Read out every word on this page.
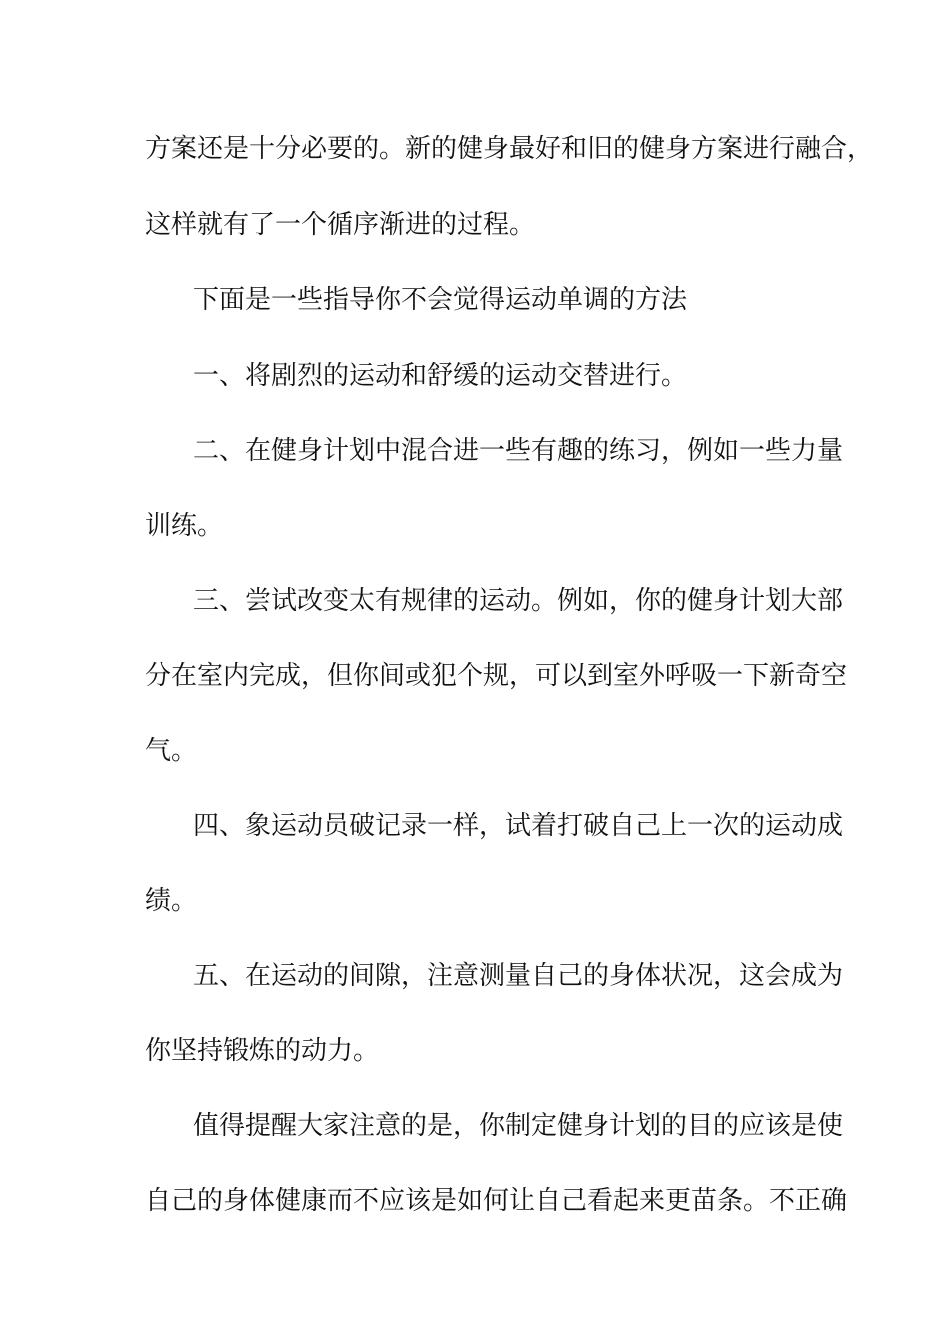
方案还是十分必要的。新的健身最好和旧的健身方案进行融合，
这样就有了一个循序渐进的过程。
下面是一些指导你不会觉得运动单调的方法
一、将剧烈的运动和舒缓的运动交替进行。
二、在健身计划中混合进一些有趣的练习，例如一些力量
训练。
三、尝试改变太有规律的运动。例如，你的健身计划大部
分在室内完成，但你间或犯个规，可以到室外呼吸一下新奇空
气。
四、象运动员破记录一样，试着打破自己上一次的运动成
绩。
五、在运动的间隙，注意测量自己的身体状况，这会成为
你坚持锻炼的动力。
值得提醒大家注意的是，你制定健身计划的目的应该是使
自己的身体健康而不应该是如何让自己看起来更苗条。不正确
